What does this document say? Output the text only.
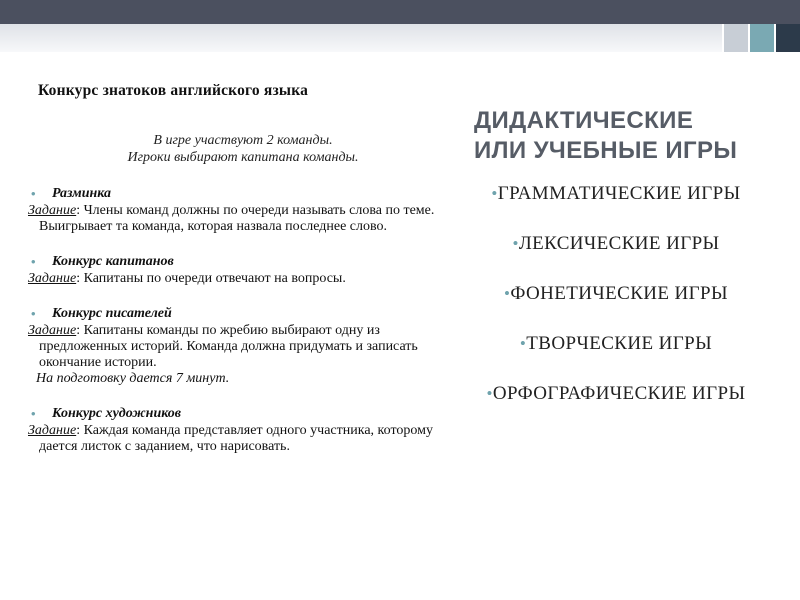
Конкурс знатоков английского языка
В игре участвуют 2 команды.
Игроки выбирают капитана команды.
• Разминка
Задание: Члены команд должны по очереди называть слова по теме. Выигрывает та команда, которая назвала последнее слово.
• Конкурс капитанов
Задание: Капитаны по очереди отвечают на вопросы.
• Конкурс писателей
Задание: Капитаны команды по жребию выбирают одну из предложенных историй. Команда должна придумать и записать окончание истории.
На подготовку дается 7 минут.
• Конкурс художников
Задание: Каждая команда представляет одного участника, которому дается листок с заданием, что нарисовать.
ДИДАКТИЧЕСКИЕ
ИЛИ УЧЕБНЫЕ ИГРЫ
•ГРАММАТИЧЕСКИЕ ИГРЫ
•ЛЕКСИЧЕСКИЕ ИГРЫ
•ФОНЕТИЧЕСКИЕ ИГРЫ
•ТВОРЧЕСКИЕ ИГРЫ
•ОРФОГРАФИЧЕСКИЕ ИГРЫ
